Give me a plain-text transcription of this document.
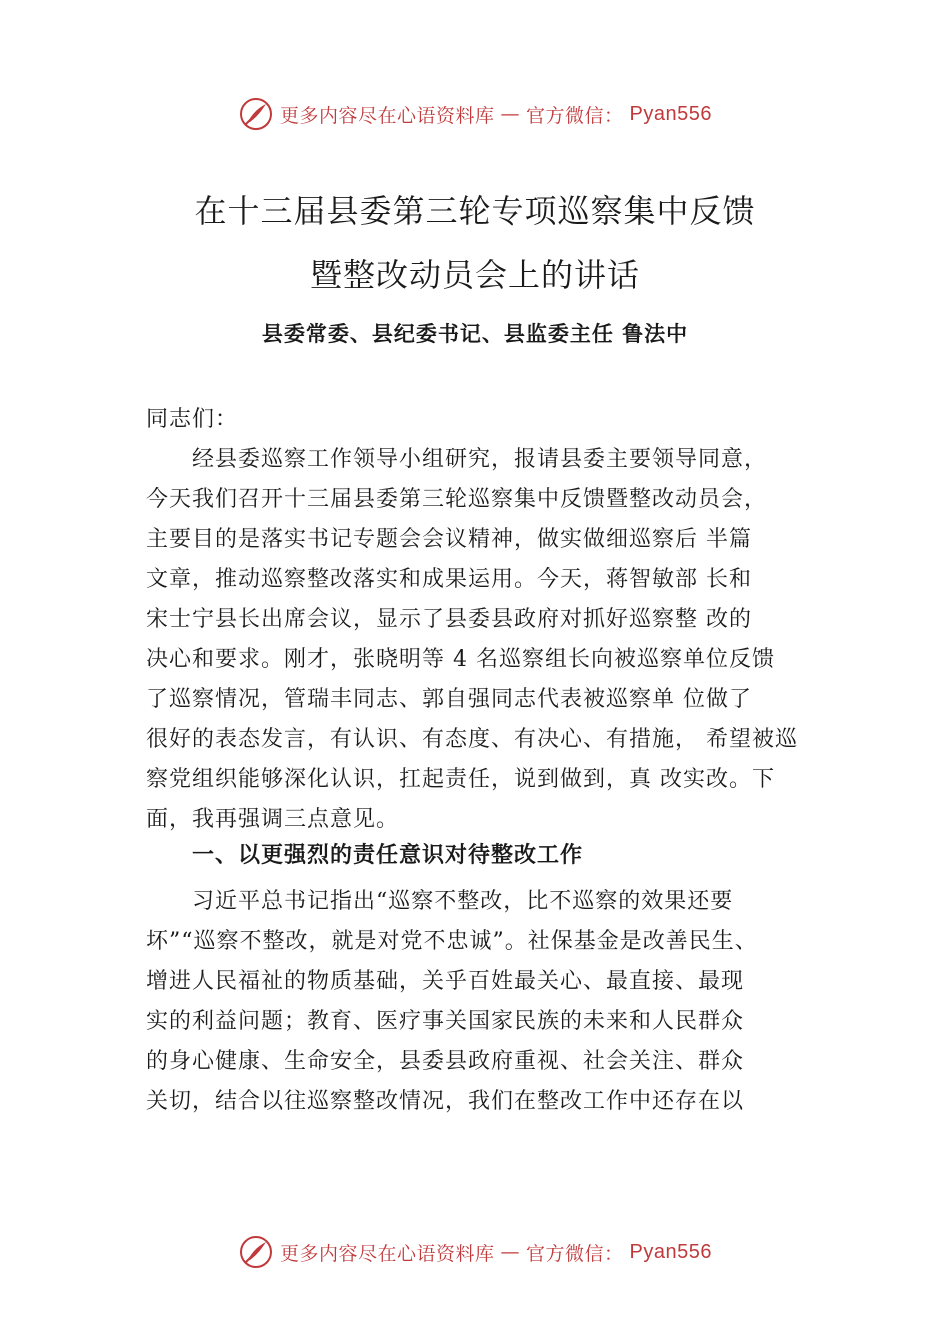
更多内容尽在心语资料库 — 官方微信： Pyan556
在十三届县委第三轮专项巡察集中反馈
暨整改动员会上的讲话
县委常委、县纪委书记、县监委主任 鲁法中
同志们：
　　经县委巡察工作领导小组研究，报请县委主要领导同意，
今天我们召开十三届县委第三轮巡察集中反馈暨整改动员会，
主要目的是落实书记专题会会议精神，做实做细巡察后 半篇
文章，推动巡察整改落实和成果运用。今天，蒋智敏部 长和
宋士宁县长出席会议，显示了县委县政府对抓好巡察整 改的
决心和要求。刚才，张晓明等 4 名巡察组长向被巡察单位反馈
了巡察情况，管瑞丰同志、郭自强同志代表被巡察单 位做了
很好的表态发言，有认识、有态度、有决心、有措施， 希望被巡
察党组织能够深化认识，扛起责任，说到做到，真 改实改。下
面，我再强调三点意见。
一、以更强烈的责任意识对待整改工作
　　习近平总书记指出“巡察不整改，比不巡察的效果还要
坏”“巡察不整改，就是对党不忠诚”。社保基金是改善民生、
增进人民福祉的物质基础，关乎百姓最关心、最直接、最现
实的利益问题；教育、医疗事关国家民族的未来和人民群众
的身心健康、生命安全，县委县政府重视、社会关注、群众
关切，结合以往巡察整改情况，我们在整改工作中还存在以
更多内容尽在心语资料库 — 官方微信： Pyan556
